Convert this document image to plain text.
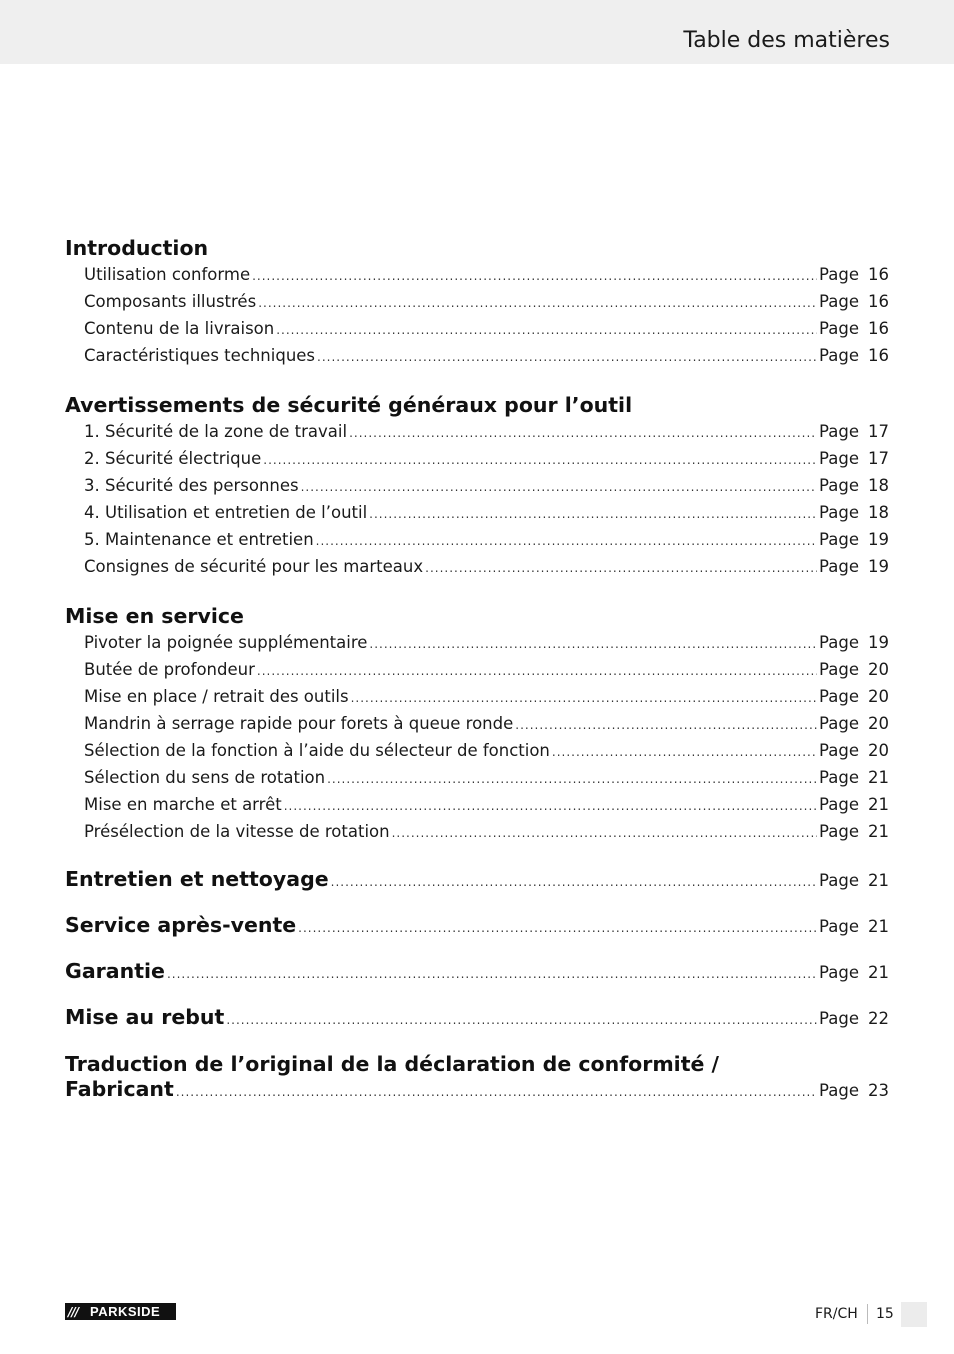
Table des matières
Introduction
Utilisation conforme .....	Page 16
Composants illustrés .....	Page 16
Contenu de la livraison .....	Page 16
Caractéristiques techniques .....	Page 16
Avertissements de sécurité généraux pour l’outil
1. Sécurité de la zone de travail .....	Page 17
2. Sécurité électrique .....	Page 17
3. Sécurité des personnes .....	Page 18
4. Utilisation et entretien de l’outil .....	Page 18
5. Maintenance et entretien .....	Page 19
Consignes de sécurité pour les marteaux .....	Page 19
Mise en service
Pivoter la poignée supplémentaire .....	Page 19
Butée de profondeur .....	Page 20
Mise en place / retrait des outils .....	Page 20
Mandrin à serrage rapide pour forets à queue ronde .....	Page 20
Sélection de la fonction à l’aide du sélecteur de fonction .....	Page 20
Sélection du sens de rotation .....	Page 21
Mise en marche et arrêt .....	Page 21
Présélection de la vitesse de rotation .....	Page 21
Entretien et nettoyage .....	Page 21
Service après-vente .....	Page 21
Garantie .....	Page 21
Mise au rebut .....	Page 22
Traduction de l’original de la déclaration de conformité /
Fabricant .....	Page 23
/// PARKSIDE	FR/CH 15
